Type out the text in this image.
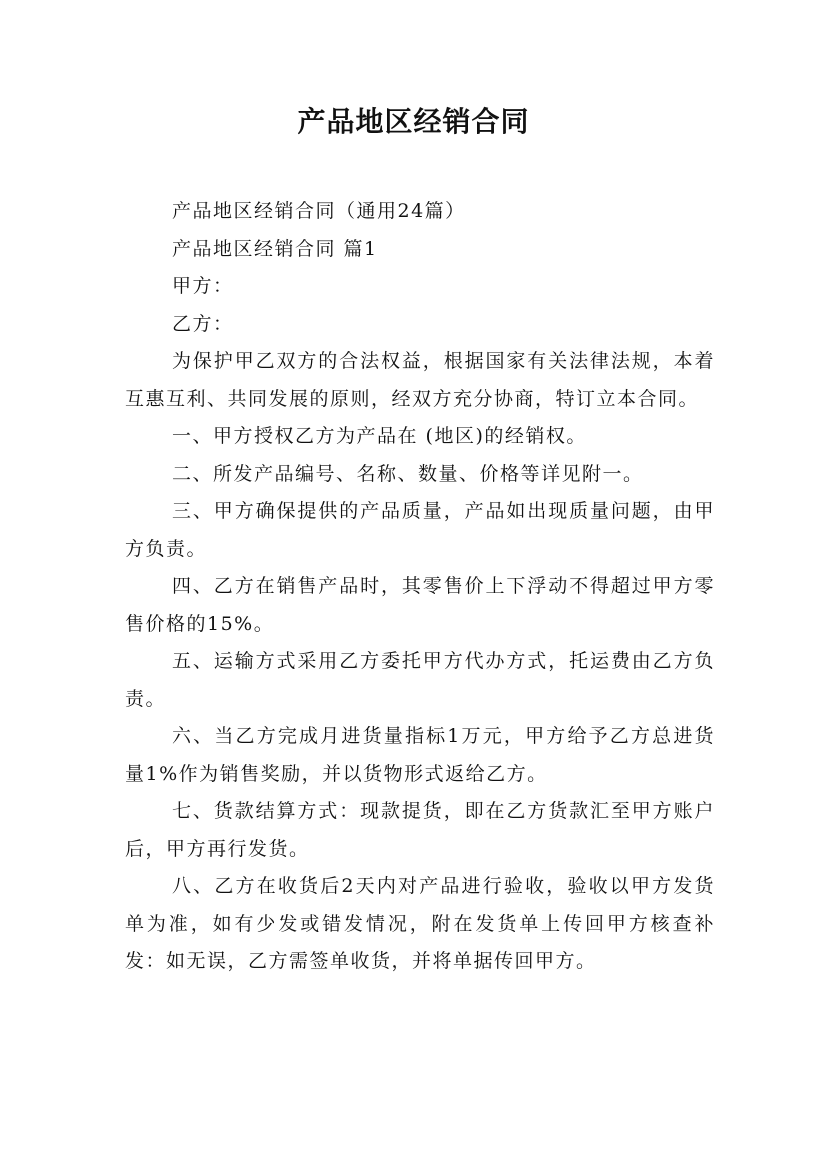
产品地区经销合同

产品地区经销合同（通用24篇）

产品地区经销合同 篇1

甲方：

乙方：

为保护甲乙双方的合法权益，根据国家有关法律法规，本着互惠互利、共同发展的原则，经双方充分协商，特订立本合同。

一、甲方授权乙方为产品在 (地区)的经销权。

二、所发产品编号、名称、数量、价格等详见附一。

三、甲方确保提供的产品质量，产品如出现质量问题，由甲方负责。

四、乙方在销售产品时，其零售价上下浮动不得超过甲方零售价格的15%。

五、运输方式采用乙方委托甲方代办方式，托运费由乙方负责。

六、当乙方完成月进货量指标1万元，甲方给予乙方总进货量1%作为销售奖励，并以货物形式返给乙方。

七、货款结算方式：现款提货，即在乙方货款汇至甲方账户后，甲方再行发货。

八、乙方在收货后2天内对产品进行验收，验收以甲方发货单为准，如有少发或错发情况，附在发货单上传回甲方核查补发：如无误，乙方需签单收货，并将单据传回甲方。
